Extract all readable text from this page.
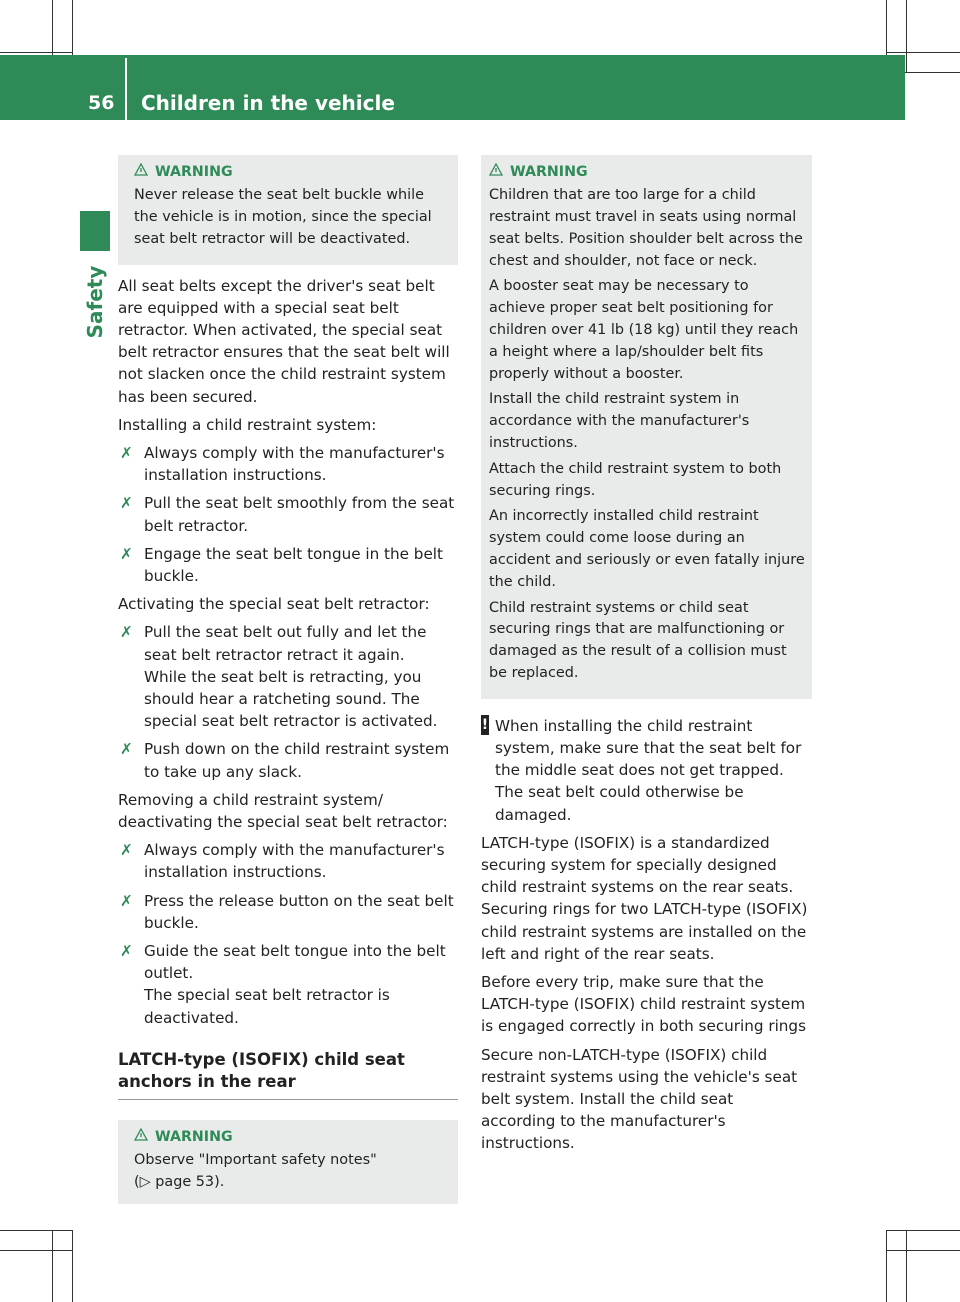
56 Children in the vehicle
Safety
WARNING

Never release the seat belt buckle while the vehicle is in motion, since the special seat belt retractor will be deactivated.

All seat belts except the driver's seat belt are equipped with a special seat belt retractor. When activated, the special seat belt retractor ensures that the seat belt will not slacken once the child restraint system has been secured.

Installing a child restraint system:

✗ Always comply with the manufacturer's installation instructions.
✗ Pull the seat belt smoothly from the seat belt retractor.
✗ Engage the seat belt tongue in the belt buckle.

Activating the special seat belt retractor:

✗ Pull the seat belt out fully and let the seat belt retractor retract it again.
While the seat belt is retracting, you should hear a ratcheting sound. The special seat belt retractor is activated.
✗ Push down on the child restraint system to take up any slack.

Removing a child restraint system/ deactivating the special seat belt retractor:

✗ Always comply with the manufacturer's installation instructions.
✗ Press the release button on the seat belt buckle.
✗ Guide the seat belt tongue into the belt outlet.
The special seat belt retractor is deactivated.
LATCH-type (ISOFIX) child seat anchors in the rear
WARNING

Observe "Important safety notes"

(▷ page 53).

WARNING

Children that are too large for a child restraint must travel in seats using normal seat belts. Position shoulder belt across the chest and shoulder, not face or neck.

A booster seat may be necessary to achieve proper seat belt positioning for children over 41 lb (18 kg) until they reach a height where a lap/shoulder belt fits properly without a booster.

Install the child restraint system in accordance with the manufacturer's instructions.

Attach the child restraint system to both securing rings.

An incorrectly installed child restraint system could come loose during an accident and seriously or even fatally injure the child.

Child restraint systems or child seat securing rings that are malfunctioning or damaged as the result of a collision must be replaced.

! When installing the child restraint system, make sure that the seat belt for the middle seat does not get trapped. The seat belt could otherwise be damaged.

LATCH-type (ISOFIX) is a standardized securing system for specially designed child restraint systems on the rear seats. Securing rings for two LATCH-type (ISOFIX) child restraint systems are installed on the left and right of the rear seats.

Before every trip, make sure that the LATCH-type (ISOFIX) child restraint system is engaged correctly in both securing rings

Secure non-LATCH-type (ISOFIX) child restraint systems using the vehicle's seat belt system. Install the child seat according to the manufacturer's instructions.
